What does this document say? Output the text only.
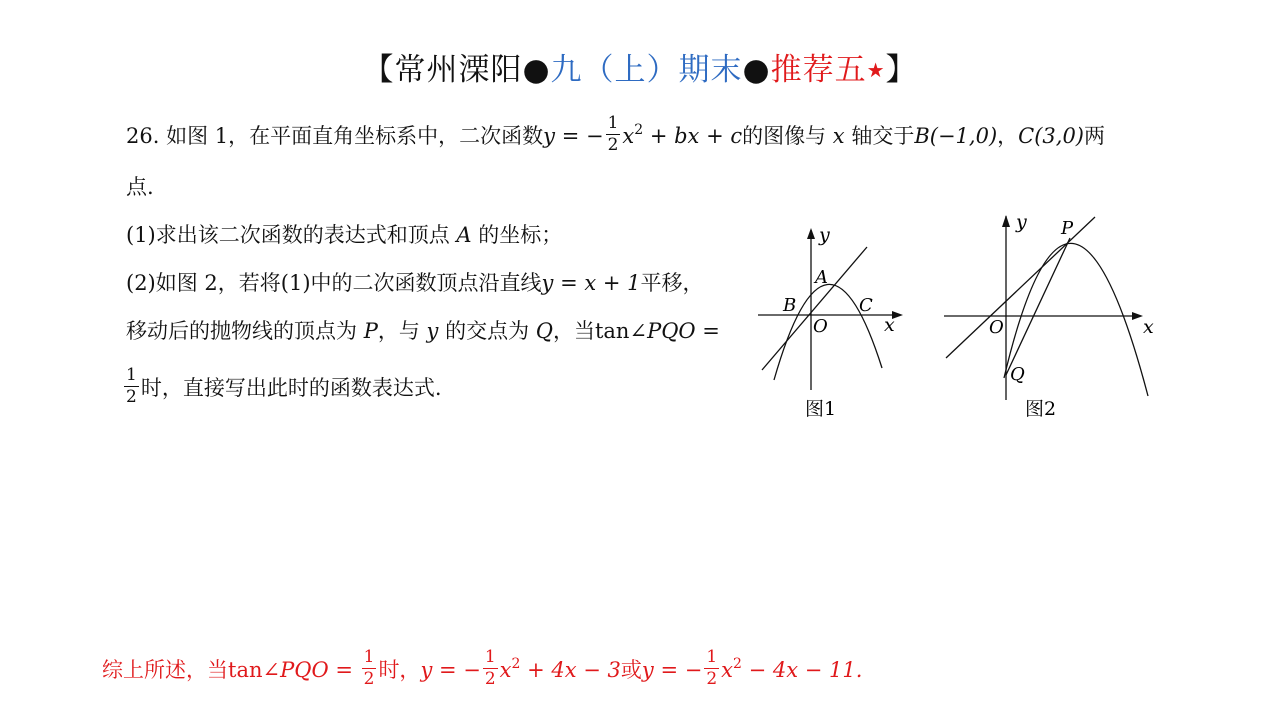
【常州溧阳●九（上）期末●推荐五★】
26. 如图 1，在平面直角坐标系中，二次函数y = − $\frac{1}{2} x^2$ + bx + c的图像与 x 轴交于B(−1,0)，C(3,0)两
点.
(1)求出该二次函数的表达式和顶点 A 的坐标；
(2)如图 2，若将(1)中的二次函数顶点沿直线y = x + 1平移，
移动后的抛物线的顶点为 P，与 y 的交点为 Q，当tan∠PQO =
$\frac{1}{2}$ 时，直接写出此时的函数表达式.
y
x
A
B	C
O
图1
y
x
P
Q
O
图2
综上所述，当tan∠PQO = $\frac{1}{2}$ 时，y = − $\frac{1}{2} x^2 + 4x - 3$或y = − $\frac{1}{2} x^2 - 4x - 11$.
